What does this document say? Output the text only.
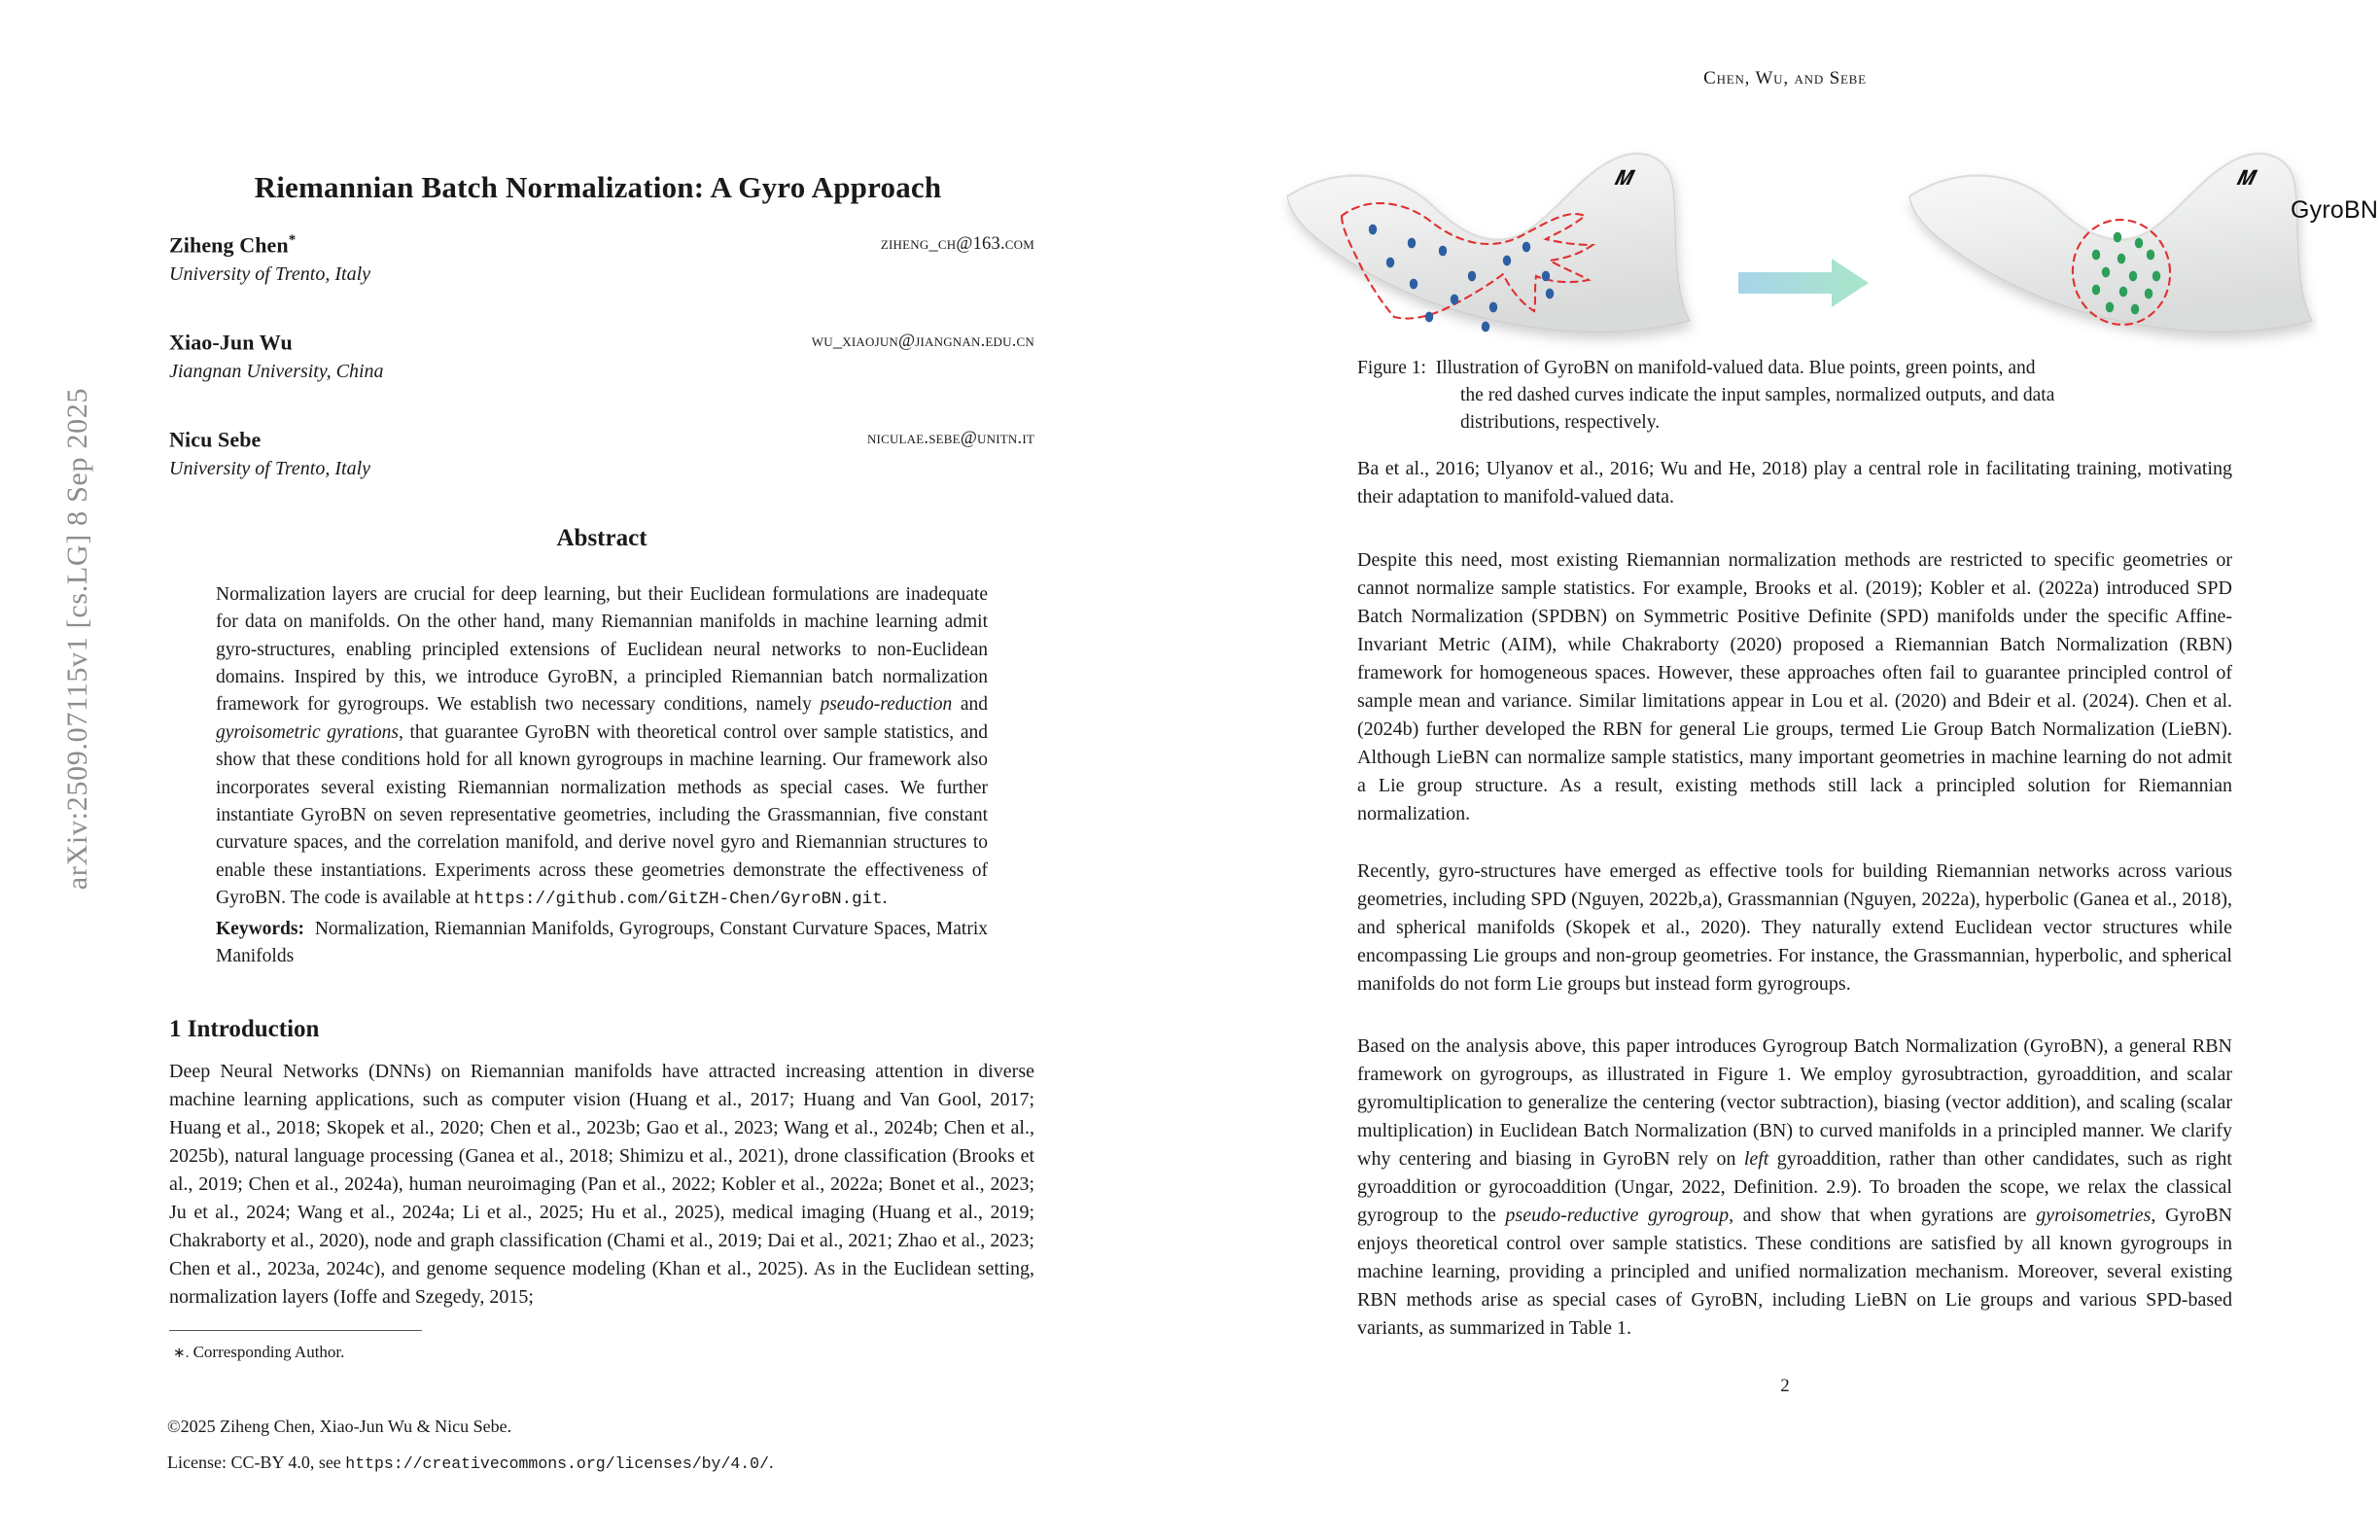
arXiv:2509.07115v1 [cs.LG] 8 Sep 2025
Riemannian Batch Normalization: A Gyro Approach
Ziheng Chen*
University of Trento, Italy
ziheng_ch@163.com
Xiao-Jun Wu
Jiangnan University, China
wu_xiaojun@jiangnan.edu.cn
Nicu Sebe
University of Trento, Italy
niculae.sebe@unitn.it
Abstract
Normalization layers are crucial for deep learning, but their Euclidean formulations are inadequate for data on manifolds. On the other hand, many Riemannian manifolds in machine learning admit gyro-structures, enabling principled extensions of Euclidean neural networks to non-Euclidean domains. Inspired by this, we introduce GyroBN, a principled Riemannian batch normalization framework for gyrogroups. We establish two necessary conditions, namely pseudo-reduction and gyroisometric gyrations, that guarantee GyroBN with theoretical control over sample statistics, and show that these conditions hold for all known gyrogroups in machine learning. Our framework also incorporates several existing Riemannian normalization methods as special cases. We further instantiate GyroBN on seven representative geometries, including the Grassmannian, five constant curvature spaces, and the correlation manifold, and derive novel gyro and Riemannian structures to enable these instantiations. Experiments across these geometries demonstrate the effectiveness of GyroBN. The code is available at https://github.com/GitZH-Chen/GyroBN.git.
Keywords: Normalization, Riemannian Manifolds, Gyrogroups, Constant Curvature Spaces, Matrix Manifolds
1 Introduction
Deep Neural Networks (DNNs) on Riemannian manifolds have attracted increasing attention in diverse machine learning applications, such as computer vision (Huang et al., 2017; Huang and Van Gool, 2017; Huang et al., 2018; Skopek et al., 2020; Chen et al., 2023b; Gao et al., 2023; Wang et al., 2024b; Chen et al., 2025b), natural language processing (Ganea et al., 2018; Shimizu et al., 2021), drone classification (Brooks et al., 2019; Chen et al., 2024a), human neuroimaging (Pan et al., 2022; Kobler et al., 2022a; Bonet et al., 2023; Ju et al., 2024; Wang et al., 2024a; Li et al., 2025; Hu et al., 2025), medical imaging (Huang et al., 2019; Chakraborty et al., 2020), node and graph classification (Chami et al., 2019; Dai et al., 2021; Zhao et al., 2023; Chen et al., 2023a, 2024c), and genome sequence modeling (Khan et al., 2025). As in the Euclidean setting, normalization layers (Ioffe and Szegedy, 2015;
∗. Corresponding Author.
©2025 Ziheng Chen, Xiao-Jun Wu & Nicu Sebe.
License: CC-BY 4.0, see https://creativecommons.org/licenses/by/4.0/.
Chen, Wu, and Sebe
𝑴	𝑴
GyroBN
Figure 1: Illustration of GyroBN on manifold-valued data. Blue points, green points, and
the red dashed curves indicate the input samples, normalized outputs, and data
distributions, respectively.
Ba et al., 2016; Ulyanov et al., 2016; Wu and He, 2018) play a central role in facilitating training, motivating their adaptation to manifold-valued data.
Despite this need, most existing Riemannian normalization methods are restricted to specific geometries or cannot normalize sample statistics. For example, Brooks et al. (2019); Kobler et al. (2022a) introduced SPD Batch Normalization (SPDBN) on Symmetric Positive Definite (SPD) manifolds under the specific Affine-Invariant Metric (AIM), while Chakraborty (2020) proposed a Riemannian Batch Normalization (RBN) framework for homogeneous spaces. However, these approaches often fail to guarantee principled control of sample mean and variance. Similar limitations appear in Lou et al. (2020) and Bdeir et al. (2024). Chen et al. (2024b) further developed the RBN for general Lie groups, termed Lie Group Batch Normalization (LieBN). Although LieBN can normalize sample statistics, many important geometries in machine learning do not admit a Lie group structure. As a result, existing methods still lack a principled solution for Riemannian normalization.
Recently, gyro-structures have emerged as effective tools for building Riemannian networks across various geometries, including SPD (Nguyen, 2022b,a), Grassmannian (Nguyen, 2022a), hyperbolic (Ganea et al., 2018), and spherical manifolds (Skopek et al., 2020). They naturally extend Euclidean vector structures while encompassing Lie groups and non-group geometries. For instance, the Grassmannian, hyperbolic, and spherical manifolds do not form Lie groups but instead form gyrogroups.
Based on the analysis above, this paper introduces Gyrogroup Batch Normalization (GyroBN), a general RBN framework on gyrogroups, as illustrated in Figure 1. We employ gyrosubtraction, gyroaddition, and scalar gyromultiplication to generalize the centering (vector subtraction), biasing (vector addition), and scaling (scalar multiplication) in Euclidean Batch Normalization (BN) to curved manifolds in a principled manner. We clarify why centering and biasing in GyroBN rely on left gyroaddition, rather than other candidates, such as right gyroaddition or gyrocoaddition (Ungar, 2022, Definition. 2.9). To broaden the scope, we relax the classical gyrogroup to the pseudo-reductive gyrogroup, and show that when gyrations are gyroisometries, GyroBN enjoys theoretical control over sample statistics. These conditions are satisfied by all known gyrogroups in machine learning, providing a principled and unified normalization mechanism. Moreover, several existing RBN methods arise as special cases of GyroBN, including LieBN on Lie groups and various SPD-based variants, as summarized in Table 1.
2
